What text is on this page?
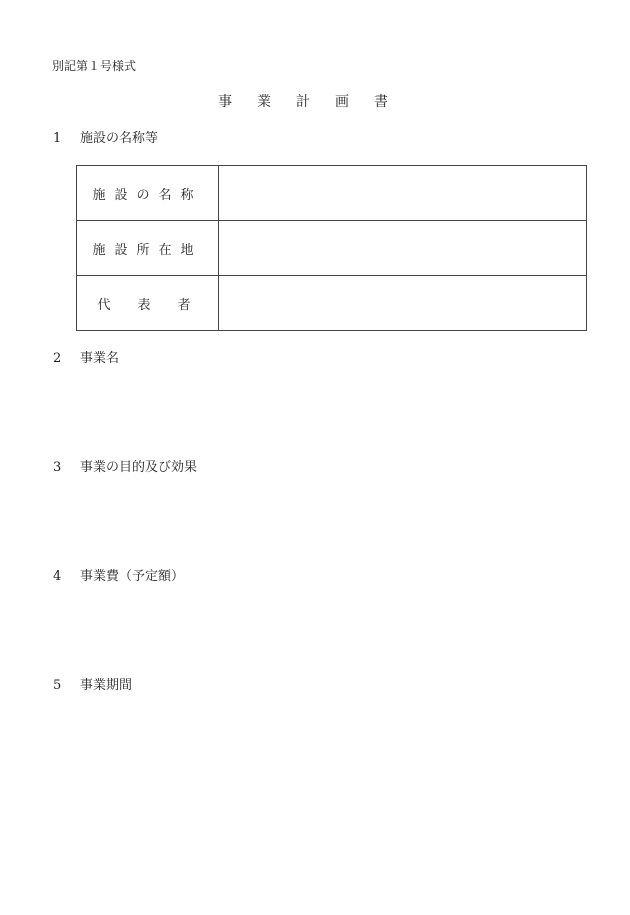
別記第１号様式
事業計画書
1 施設の名称等
施設の名称	
施設所在地	
代表者	
2 事業名
3 事業の目的及び効果
4 事業費（予定額）
5 事業期間
